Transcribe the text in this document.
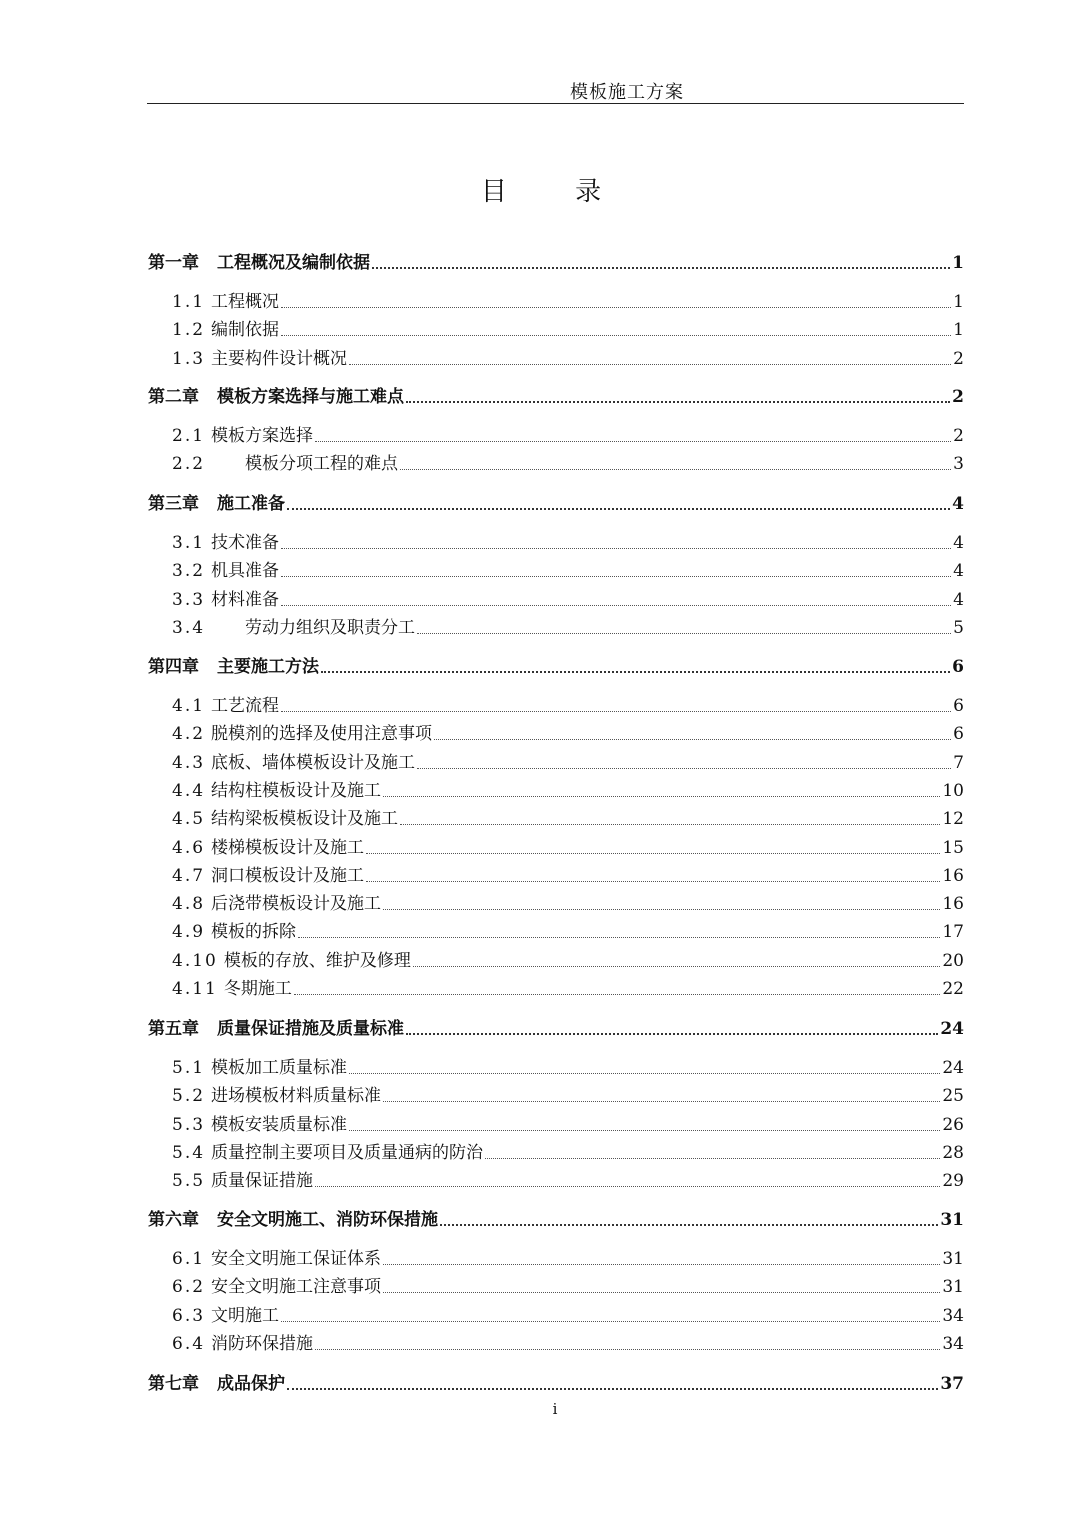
模板施工方案
目 录
第一章 工程概况及编制依据	1
1.1 工程概况	1
1.2 编制依据	1
1.3 主要构件设计概况	2
第二章 模板方案选择与施工难点	2
2.1 模板方案选择	2
2.2 模板分项工程的难点	3
第三章 施工准备	4
3.1 技术准备	4
3.2 机具准备	4
3.3 材料准备	4
3.4 劳动力组织及职责分工	5
第四章 主要施工方法	6
4.1 工艺流程	6
4.2 脱模剂的选择及使用注意事项	6
4.3 底板、墙体模板设计及施工	7
4.4 结构柱模板设计及施工	10
4.5 结构梁板模板设计及施工	12
4.6 楼梯模板设计及施工	15
4.7 洞口模板设计及施工	16
4.8 后浇带模板设计及施工	16
4.9 模板的拆除	17
4.10 模板的存放、维护及修理	20
4.11 冬期施工	22
第五章 质量保证措施及质量标准	24
5.1 模板加工质量标准	24
5.2 进场模板材料质量标准	25
5.3 模板安装质量标准	26
5.4 质量控制主要项目及质量通病的防治	28
5.5 质量保证措施	29
第六章 安全文明施工、消防环保措施	31
6.1 安全文明施工保证体系	31
6.2 安全文明施工注意事项	31
6.3 文明施工	34
6.4 消防环保措施	34
第七章 成品保护	37
i
